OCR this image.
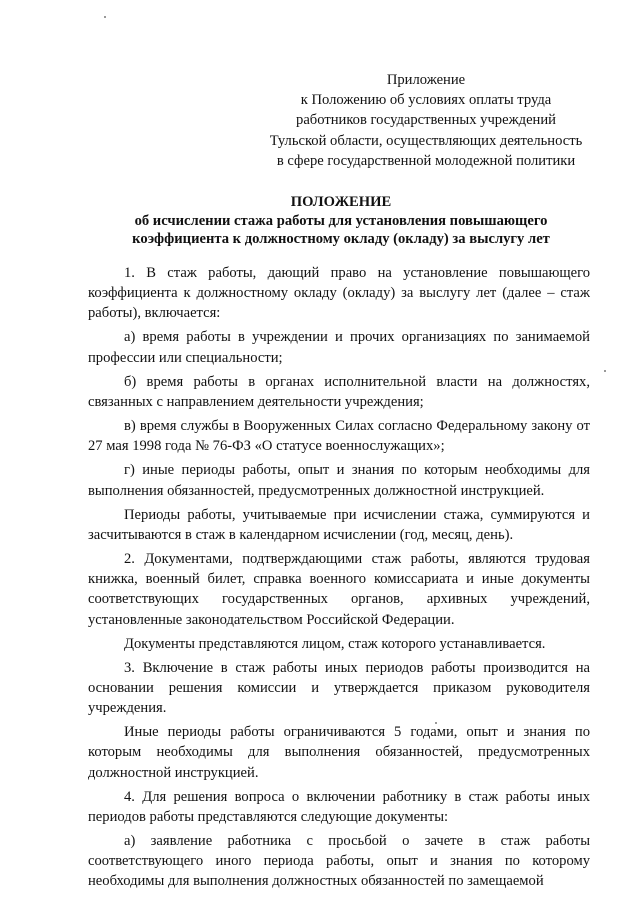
Приложение
к Положению об условиях оплаты труда
работников государственных учреждений
Тульской области, осуществляющих деятельность
в сфере государственной молодежной политики
ПОЛОЖЕНИЕ
об исчислении стажа работы для установления повышающего
коэффициента к должностному окладу (окладу) за выслугу лет

1. В стаж работы, дающий право на установление повышающего коэффициента к должностному окладу (окладу) за выслугу лет (далее – стаж работы), включается:

а) время работы в учреждении и прочих организациях по занимаемой профессии или специальности;

б) время работы в органах исполнительной власти на должностях, связанных с направлением деятельности учреждения;

в) время службы в Вооруженных Силах согласно Федеральному закону от 27 мая 1998 года № 76-ФЗ «О статусе военнослужащих»;

г) иные периоды работы, опыт и знания по которым необходимы для выполнения обязанностей, предусмотренных должностной инструкцией.

Периоды работы, учитываемые при исчислении стажа, суммируются и засчитываются в стаж в календарном исчислении (год, месяц, день).

2. Документами, подтверждающими стаж работы, являются трудовая книжка, военный билет, справка военного комиссариата и иные документы соответствующих государственных органов, архивных учреждений, установленные законодательством Российской Федерации.

Документы представляются лицом, стаж которого устанавливается.

3. Включение в стаж работы иных периодов работы производится на основании решения комиссии и утверждается приказом руководителя учреждения.

Иные периоды работы ограничиваются 5 годами, опыт и знания по которым необходимы для выполнения обязанностей, предусмотренных должностной инструкцией.

4. Для решения вопроса о включении работнику в стаж работы иных периодов работы представляются следующие документы:

а) заявление работника с просьбой о зачете в стаж работы соответствующего иного периода работы, опыт и знания по которому необходимы для выполнения должностных обязанностей по замещаемой
